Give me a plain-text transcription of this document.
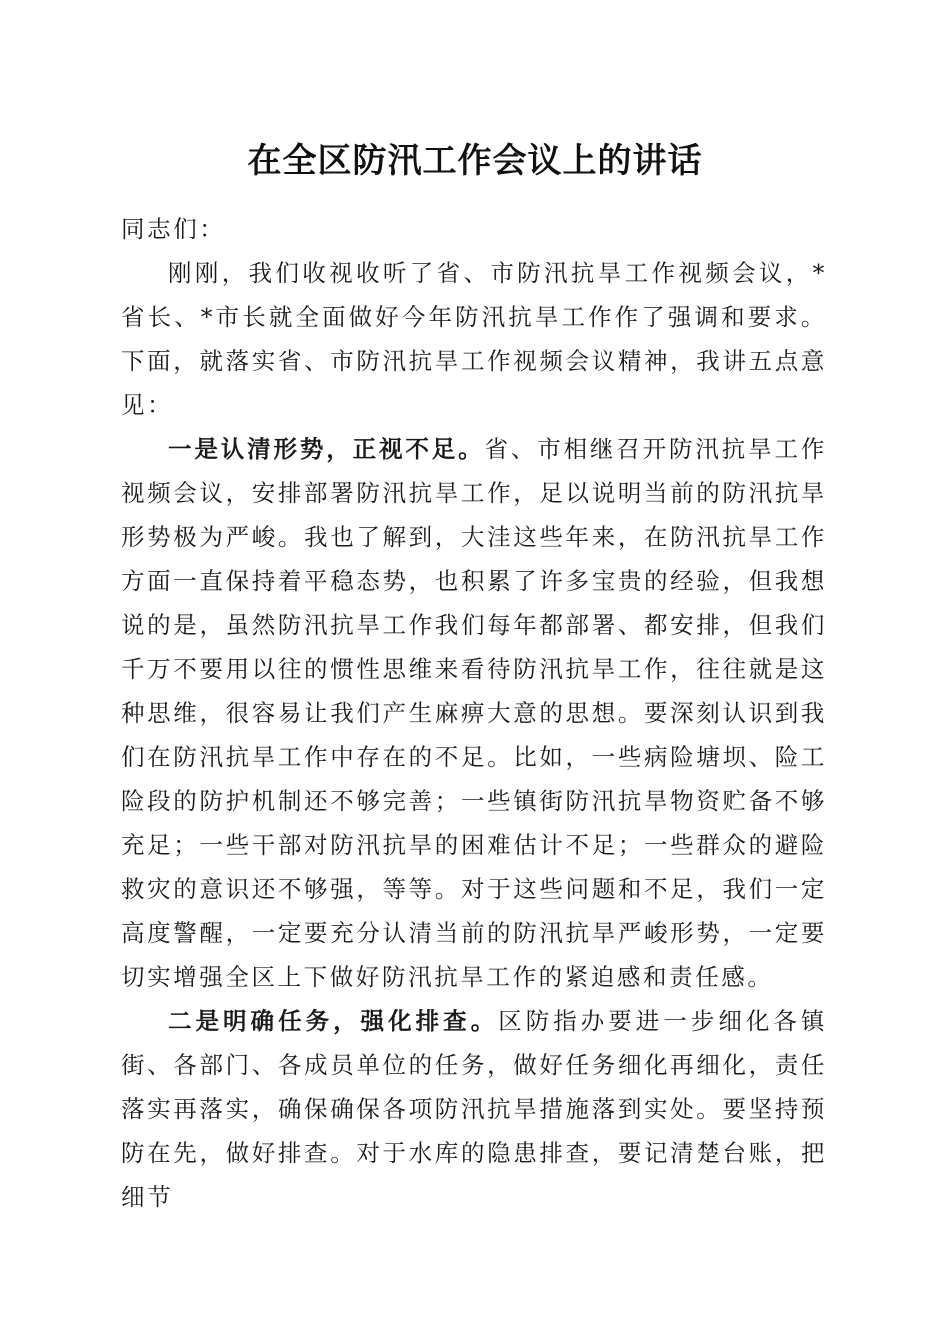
在全区防汛工作会议上的讲话

同志们：

刚刚，我们收视收听了省、市防汛抗旱工作视频会议，*省长、*市长就全面做好今年防汛抗旱工作作了强调和要求。下面，就落实省、市防汛抗旱工作视频会议精神，我讲五点意见：

一是认清形势，正视不足。省、市相继召开防汛抗旱工作视频会议，安排部署防汛抗旱工作，足以说明当前的防汛抗旱形势极为严峻。我也了解到，大洼这些年来，在防汛抗旱工作方面一直保持着平稳态势，也积累了许多宝贵的经验，但我想说的是，虽然防汛抗旱工作我们每年都部署、都安排，但我们千万不要用以往的惯性思维来看待防汛抗旱工作，往往就是这种思维，很容易让我们产生麻痹大意的思想。要深刻认识到我们在防汛抗旱工作中存在的不足。比如，一些病险塘坝、险工险段的防护机制还不够完善；一些镇街防汛抗旱物资贮备不够充足；一些干部对防汛抗旱的困难估计不足；一些群众的避险救灾的意识还不够强，等等。对于这些问题和不足，我们一定高度警醒，一定要充分认清当前的防汛抗旱严峻形势，一定要切实增强全区上下做好防汛抗旱工作的紧迫感和责任感。

二是明确任务，强化排查。区防指办要进一步细化各镇街、各部门、各成员单位的任务，做好任务细化再细化，责任落实再落实，确保确保各项防汛抗旱措施落到实处。要坚持预防在先，做好排查。对于水库的隐患排查，要记清楚台账，把细节
